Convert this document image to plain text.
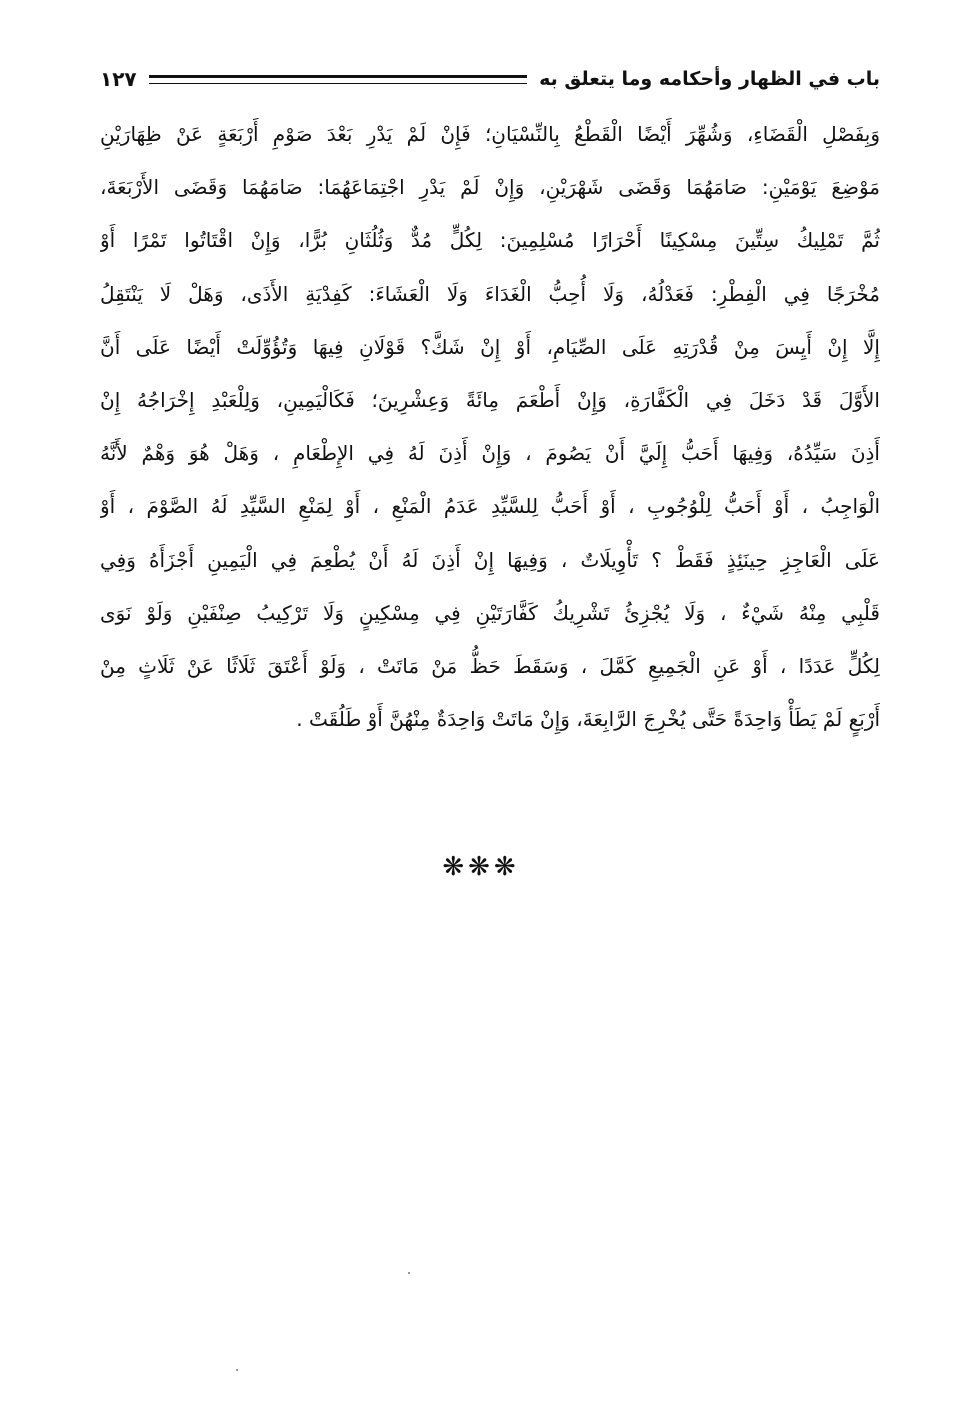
باب في الظهار وأحكامه وما يتعلق به
١٢٧
وَبِفَصْلِ الْقَضَاءِ، وَشُهِّرَ أَيْضًا الْقَطْعُ بِالنِّسْيَانِ؛ فَإِنْ لَمْ يَدْرِ بَعْدَ صَوْمِ أَرْبَعَةٍ عَنْ ظِهَارَيْنِ
مَوْضِعَ يَوْمَيْنِ: صَامَهُمَا وَقَضَى شَهْرَيْنِ، وَإِنْ لَمْ يَدْرِ اجْتِمَاعَهُمَا: صَامَهُمَا وَقَضَى الأَرْبَعَةَ،
ثُمَّ تَمْلِيكُ سِتِّينَ مِسْكِينًا أَحْرَارًا مُسْلِمِينَ: لِكُلٍّ مُدٌّ وَثُلُثَانِ بُرًّا، وَإِنْ اقْتَاتُوا تَمْرًا أَوْ
مُخْرَجًا فِي الْفِطْرِ: فَعَدْلُهُ، وَلَا أُحِبُّ الْغَدَاءَ وَلَا الْعَشَاءَ: كَفِدْيَةِ الأَذَى، وَهَلْ لَا يَنْتَقِلُ
إِلَّا إِنْ أَيِسَ مِنْ قُدْرَتِهِ عَلَى الصِّيَامِ، أَوْ إِنْ شَكَّ؟ قَوْلَانِ فِيهَا وَتُؤُوِّلَتْ أَيْضًا عَلَى أَنَّ
الأَوَّلَ قَدْ دَخَلَ فِي الْكَفَّارَةِ، وَإِنْ أَطْعَمَ مِائَةً وَعِشْرِينَ؛ فَكَالْيَمِينِ، وَلِلْعَبْدِ إِخْرَاجُهُ إِنْ
أَذِنَ سَيِّدُهُ، وَفِيهَا أَحَبُّ إِلَيَّ أَنْ يَصُومَ ، وَإِنْ أَذِنَ لَهُ فِي الإِطْعَامِ ، وَهَلْ هُوَ وَهْمٌ لأَنَّهُ
الْوَاجِبُ ، أَوْ أَحَبُّ لِلْوُجُوبِ ، أَوْ أَحَبُّ لِلسَّيِّدِ عَدَمُ الْمَنْعِ ، أَوْ لِمَنْعِ السَّيِّدِ لَهُ الصَّوْمَ ، أَوْ
عَلَى الْعَاجِزِ حِينَئِذٍ فَقَطْ ؟ تَأْوِيلَاتٌ ، وَفِيهَا إِنْ أَذِنَ لَهُ أَنْ يُطْعِمَ فِي الْيَمِينِ أَجْزَأَهُ وَفِي
قَلْبِي مِنْهُ شَيْءٌ ، وَلَا يُجْزِئُ تَشْرِيكُ كَفَّارَتَيْنِ فِي مِسْكِينٍ وَلَا تَرْكِيبُ صِنْفَيْنِ وَلَوْ نَوَى
لِكُلٍّ عَدَدًا ، أَوْ عَنِ الْجَمِيعِ كَمَّلَ ، وَسَقَطَ حَظُّ مَنْ مَاتَتْ ، وَلَوْ أَعْتَقَ ثَلَاثًا عَنْ ثَلَاثٍ مِنْ
أَرْبَعٍ لَمْ يَطَأْ وَاحِدَةً حَتَّى يُخْرِجَ الرَّابِعَةَ، وَإِنْ مَاتَتْ وَاحِدَةٌ مِنْهُنَّ أَوْ طَلُقَتْ .
❋❋❋
